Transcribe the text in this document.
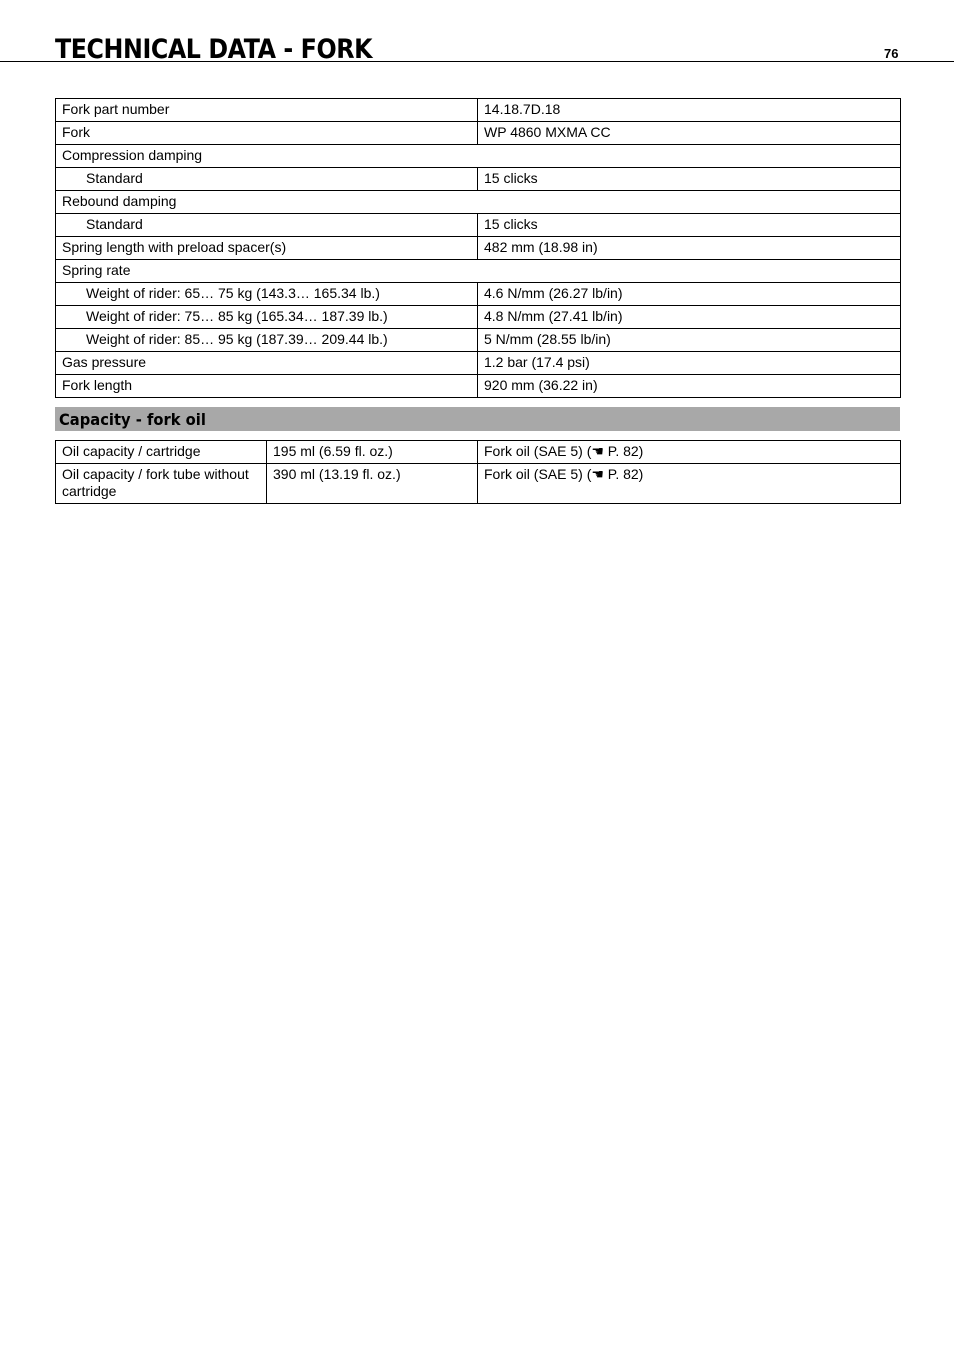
TECHNICAL DATA - FORK	76
Fork part number	14.18.7D.18
Fork	WP 4860 MXMA CC
Compression damping	
Standard	15 clicks
Rebound damping	
Standard	15 clicks
Spring length with preload spacer(s)	482 mm (18.98 in)
Spring rate	
Weight of rider: 65… 75 kg (143.3… 165.34 lb.)	4.6 N/mm (26.27 lb/in)
Weight of rider: 75… 85 kg (165.34… 187.39 lb.)	4.8 N/mm (27.41 lb/in)
Weight of rider: 85… 95 kg (187.39… 209.44 lb.)	5 N/mm (28.55 lb/in)
Gas pressure	1.2 bar (17.4 psi)
Fork length	920 mm (36.22 in)
Capacity - fork oil
Oil capacity / cartridge	195 ml (6.59 fl. oz.)	Fork oil (SAE 5) (☚ P. 82)
Oil capacity / fork tube without cartridge	390 ml (13.19 fl. oz.)	Fork oil (SAE 5) (☚ P. 82)
